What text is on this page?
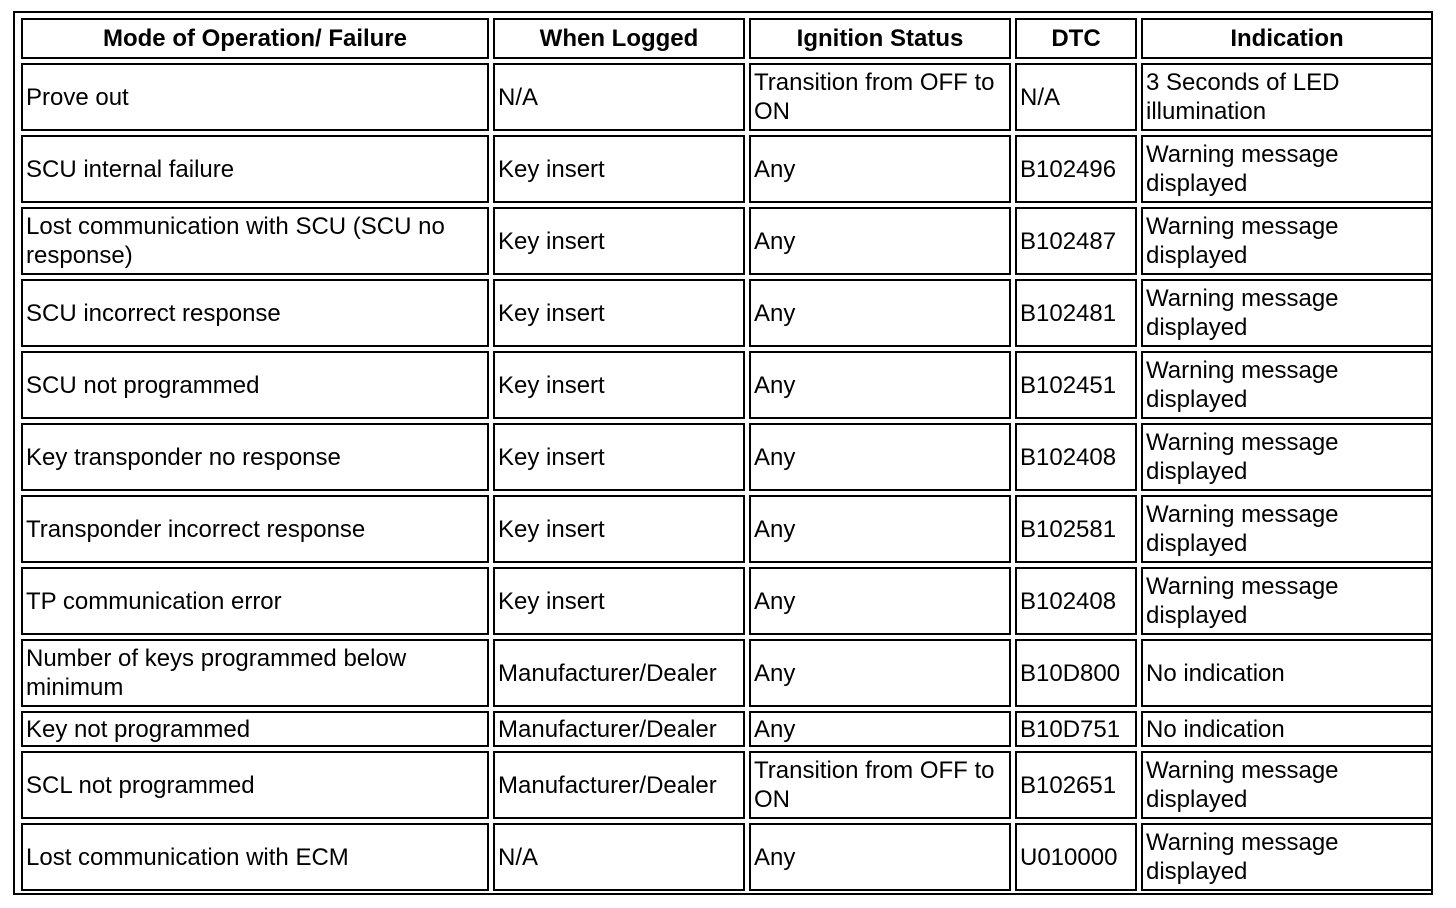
Mode of Operation/ Failure	When Logged	Ignition Status	DTC	Indication
Prove out	N/A	Transition from OFF to ON	N/A	3 Seconds of LED illumination
SCU internal failure	Key insert	Any	B102496	Warning message displayed
Lost communication with SCU (SCU no response)	Key insert	Any	B102487	Warning message displayed
SCU incorrect response	Key insert	Any	B102481	Warning message displayed
SCU not programmed	Key insert	Any	B102451	Warning message displayed
Key transponder no response	Key insert	Any	B102408	Warning message displayed
Transponder incorrect response	Key insert	Any	B102581	Warning message displayed
TP communication error	Key insert	Any	B102408	Warning message displayed
Number of keys programmed below minimum	Manufacturer/Dealer	Any	B10D800	No indication
Key not programmed	Manufacturer/Dealer	Any	B10D751	No indication
SCL not programmed	Manufacturer/Dealer	Transition from OFF to ON	B102651	Warning message displayed
Lost communication with ECM	N/A	Any	U010000	Warning message displayed
